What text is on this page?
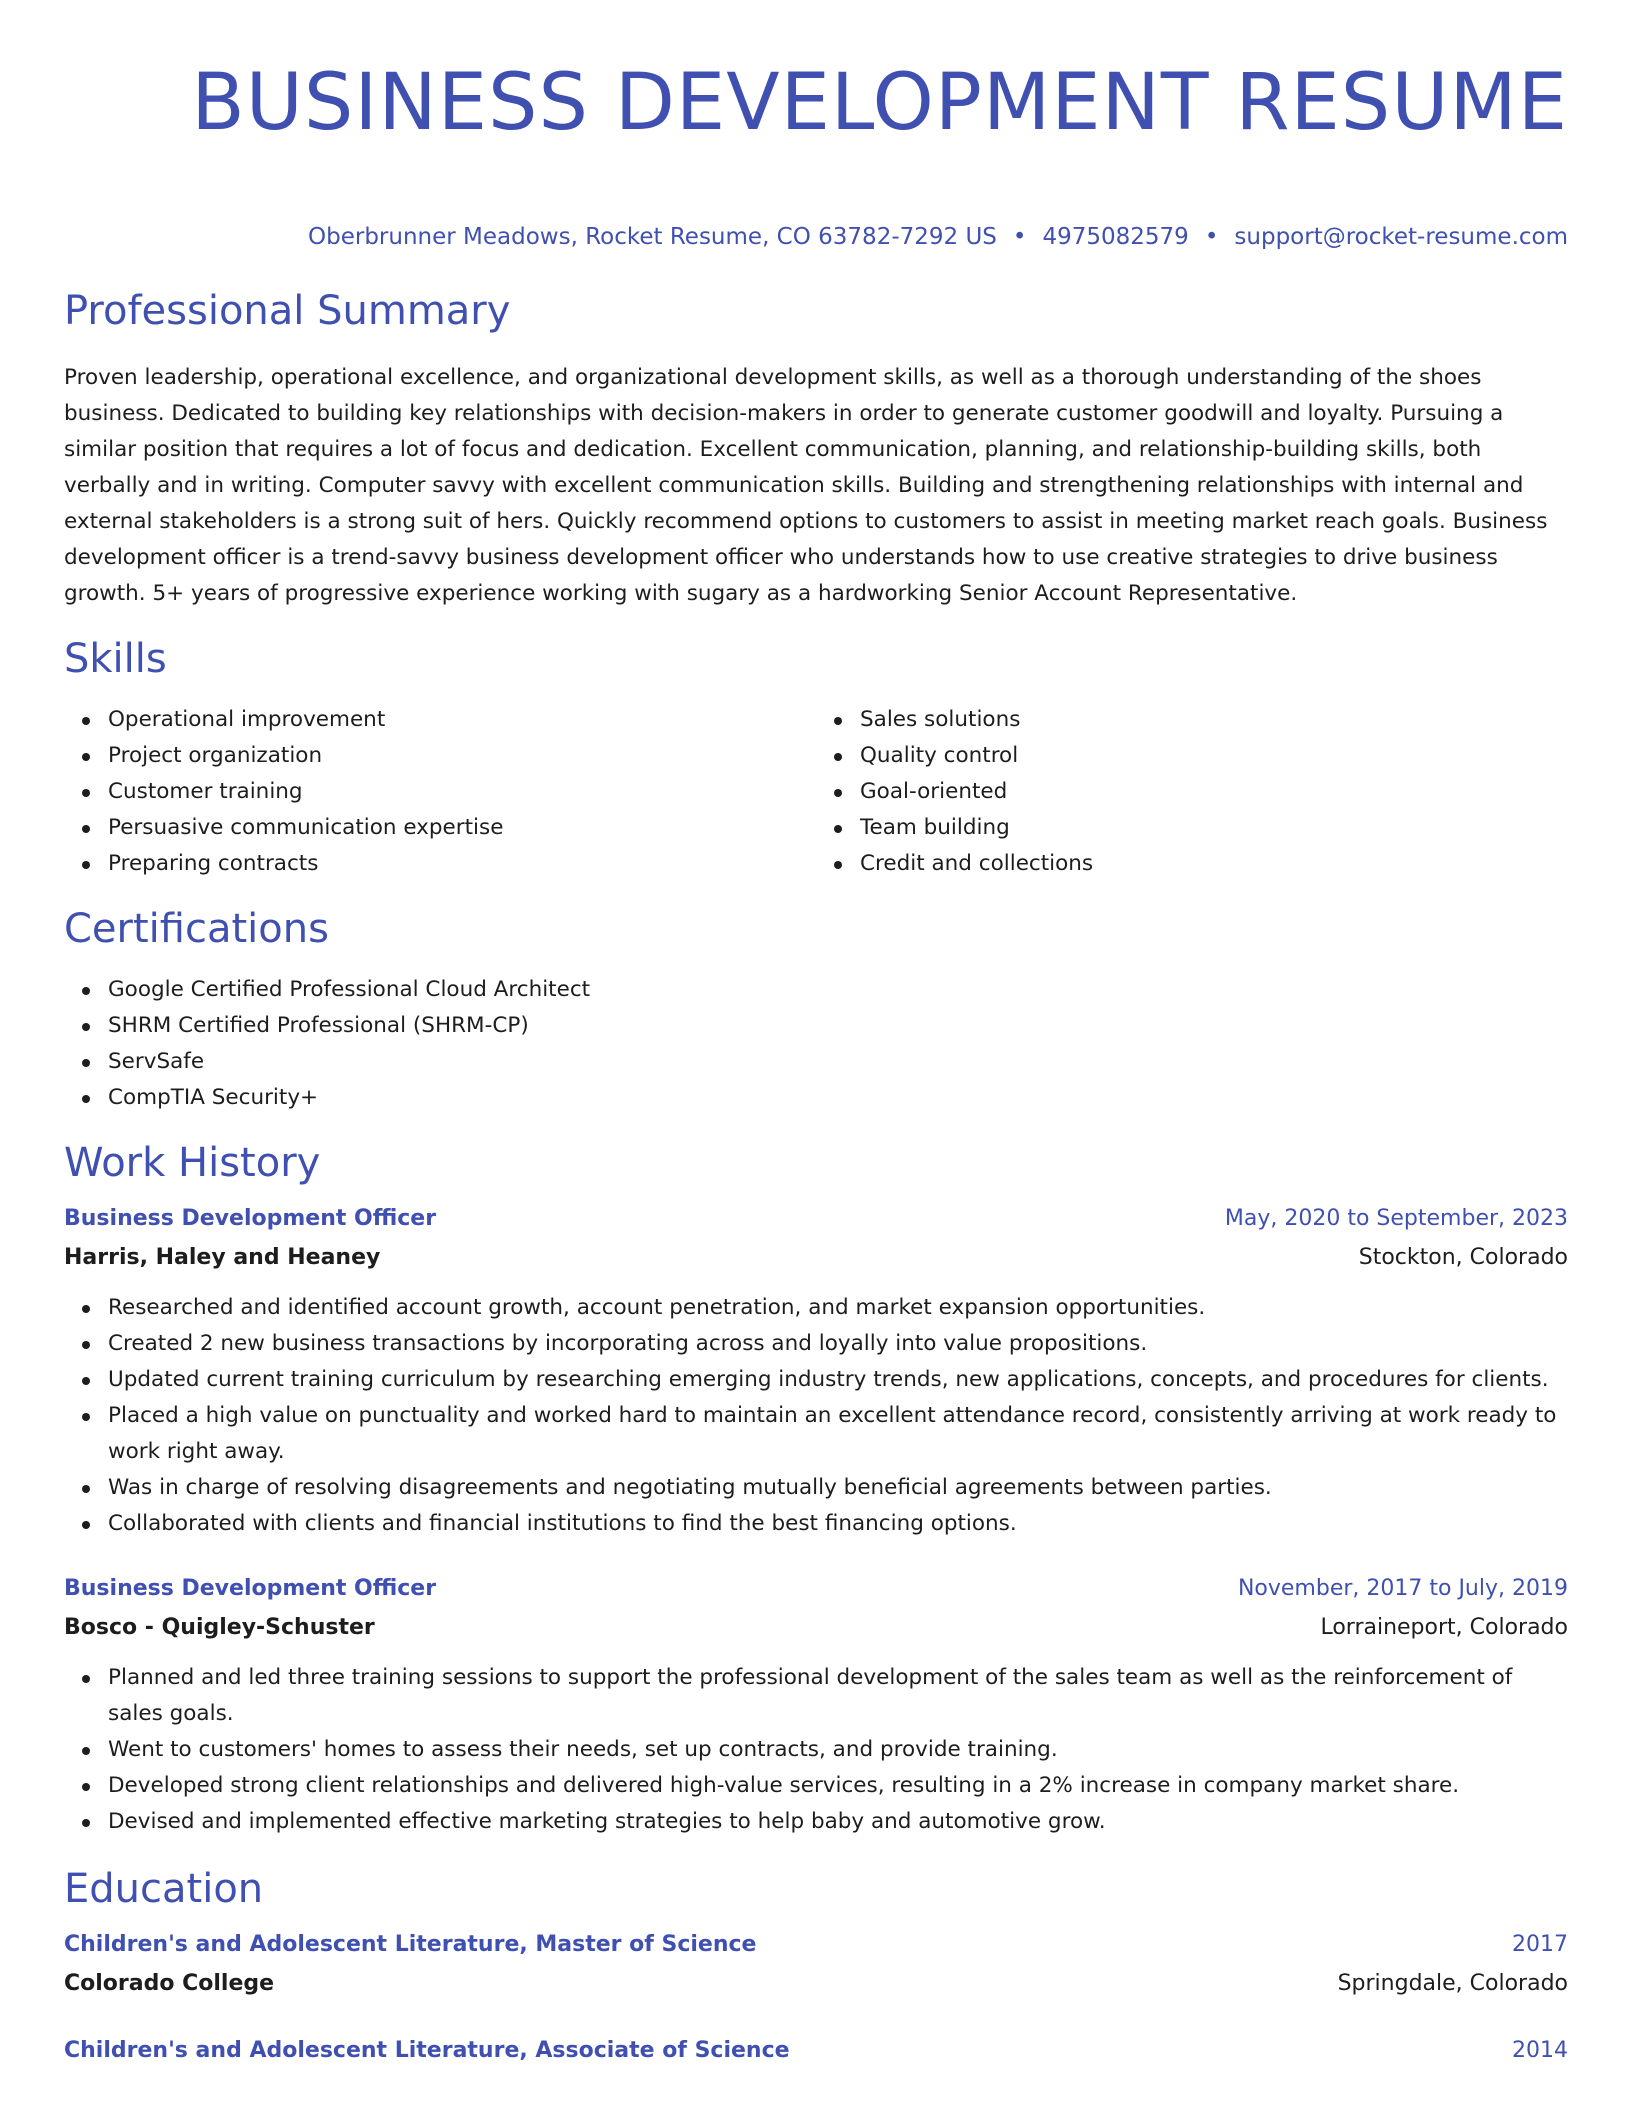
BUSINESS DEVELOPMENT RESUME
Oberbrunner Meadows, Rocket Resume, CO 63782-7292 US • 4975082579 • support@rocket-resume.com
Professional Summary
Proven leadership, operational excellence, and organizational development skills, as well as a thorough understanding of the shoes business. Dedicated to building key relationships with decision-makers in order to generate customer goodwill and loyalty. Pursuing a similar position that requires a lot of focus and dedication. Excellent communication, planning, and relationship-building skills, both verbally and in writing. Computer savvy with excellent communication skills. Building and strengthening relationships with internal and external stakeholders is a strong suit of hers. Quickly recommend options to customers to assist in meeting market reach goals. Business development officer is a trend-savvy business development officer who understands how to use creative strategies to drive business growth. 5+ years of progressive experience working with sugary as a hardworking Senior Account Representative.
Skills
Operational improvement
Project organization
Customer training
Persuasive communication expertise
Preparing contracts
Sales solutions
Quality control
Goal-oriented
Team building
Credit and collections
Certifications
Google Certified Professional Cloud Architect
SHRM Certified Professional (SHRM-CP)
ServSafe
CompTIA Security+
Work History
Business Development Officer	May, 2020 to September, 2023
Harris, Haley and Heaney	Stockton, Colorado
Researched and identified account growth, account penetration, and market expansion opportunities.
Created 2 new business transactions by incorporating across and loyally into value propositions.
Updated current training curriculum by researching emerging industry trends, new applications, concepts, and procedures for clients.
Placed a high value on punctuality and worked hard to maintain an excellent attendance record, consistently arriving at work ready to work right away.
Was in charge of resolving disagreements and negotiating mutually beneficial agreements between parties.
Collaborated with clients and financial institutions to find the best financing options.
Business Development Officer	November, 2017 to July, 2019
Bosco - Quigley-Schuster	Lorraineport, Colorado
Planned and led three training sessions to support the professional development of the sales team as well as the reinforcement of sales goals.
Went to customers' homes to assess their needs, set up contracts, and provide training.
Developed strong client relationships and delivered high-value services, resulting in a 2% increase in company market share.
Devised and implemented effective marketing strategies to help baby and automotive grow.
Education
Children's and Adolescent Literature, Master of Science	2017
Colorado College	Springdale, Colorado
Children's and Adolescent Literature, Associate of Science	2014
